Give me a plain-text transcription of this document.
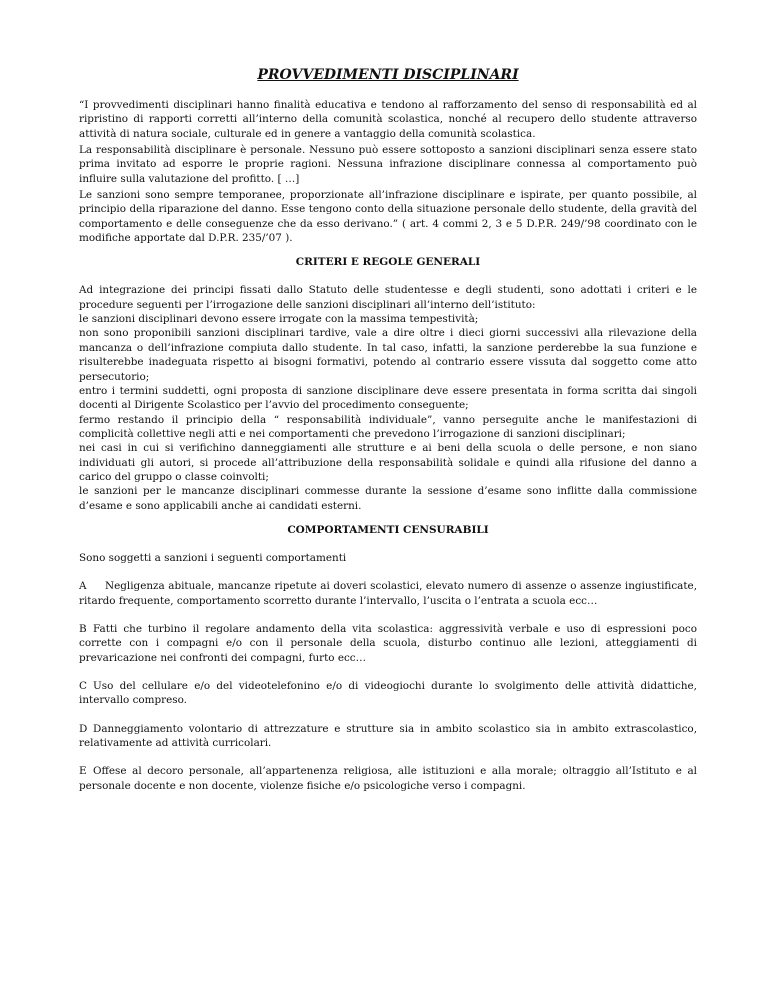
PROVVEDIMENTI DISCIPLINARI

“I provvedimenti disciplinari hanno finalità educativa e tendono al rafforzamento del senso di responsabilità ed al ripristino di rapporti corretti all’interno della comunità scolastica, nonché al recupero dello studente attraverso attività di natura sociale, culturale ed in genere a vantaggio della comunità scolastica.

La responsabilità disciplinare è personale. Nessuno può essere sottoposto a sanzioni disciplinari senza essere stato prima invitato ad esporre le proprie ragioni. Nessuna infrazione disciplinare connessa al comportamento può influire sulla valutazione del profitto. [ …]

Le sanzioni sono sempre temporanee, proporzionate all’infrazione disciplinare e ispirate, per quanto possibile, al principio della riparazione del danno. Esse tengono conto della situazione personale dello studente, della gravità del comportamento e delle conseguenze che da esso derivano.” ( art. 4 commi 2, 3 e 5 D.P.R. 249/’98 coordinato con le modifiche apportate dal D.P.R. 235/’07 ).

CRITERI E REGOLE GENERALI

Ad integrazione dei principi fissati dallo Statuto delle studentesse e degli studenti, sono adottati i criteri e le procedure seguenti per l’irrogazione delle sanzioni disciplinari all’interno dell’istituto:

le sanzioni disciplinari devono essere irrogate con la massima tempestività;

non sono proponibili sanzioni disciplinari tardive, vale a dire oltre i dieci giorni successivi alla rilevazione della mancanza o dell’infrazione compiuta dallo studente. In tal caso, infatti, la sanzione perderebbe la sua funzione e risulterebbe inadeguata rispetto ai bisogni formativi, potendo al contrario essere vissuta dal soggetto come atto persecutorio;

entro i termini suddetti, ogni proposta di sanzione disciplinare deve essere presentata in forma scritta dai singoli docenti al Dirigente Scolastico per l’avvio del procedimento conseguente;

fermo restando il principio della “ responsabilità individuale”, vanno perseguite anche le manifestazioni di complicità collettive negli atti e nei comportamenti che prevedono l’irrogazione di sanzioni disciplinari;

nei casi in cui si verifichino danneggiamenti alle strutture e ai beni della scuola o delle persone, e non siano individuati gli autori, si procede all’attribuzione della responsabilità solidale e quindi alla rifusione del danno a carico del gruppo o classe coinvolti;

le sanzioni per le mancanze disciplinari commesse durante la sessione d’esame sono inflitte dalla commissione d’esame e sono applicabili anche ai candidati esterni.

COMPORTAMENTI CENSURABILI

Sono soggetti a sanzioni i seguenti comportamenti

A Negligenza abituale, mancanze ripetute ai doveri scolastici, elevato numero di assenze o assenze ingiustificate, ritardo frequente, comportamento scorretto durante l’intervallo, l’uscita o l’entrata a scuola ecc…

B Fatti che turbino il regolare andamento della vita scolastica: aggressività verbale e uso di espressioni poco corrette con i compagni e/o con il personale della scuola, disturbo continuo alle lezioni, atteggiamenti di prevaricazione nei confronti dei compagni, furto ecc…

C Uso del cellulare e/o del videotelefonino e/o di videogiochi durante lo svolgimento delle attività didattiche, intervallo compreso.

D Danneggiamento volontario di attrezzature e strutture sia in ambito scolastico sia in ambito extrascolastico, relativamente ad attività curricolari.

E Offese al decoro personale, all’appartenenza religiosa, alle istituzioni e alla morale; oltraggio all’Istituto e al personale docente e non docente, violenze fisiche e/o psicologiche verso i compagni.
